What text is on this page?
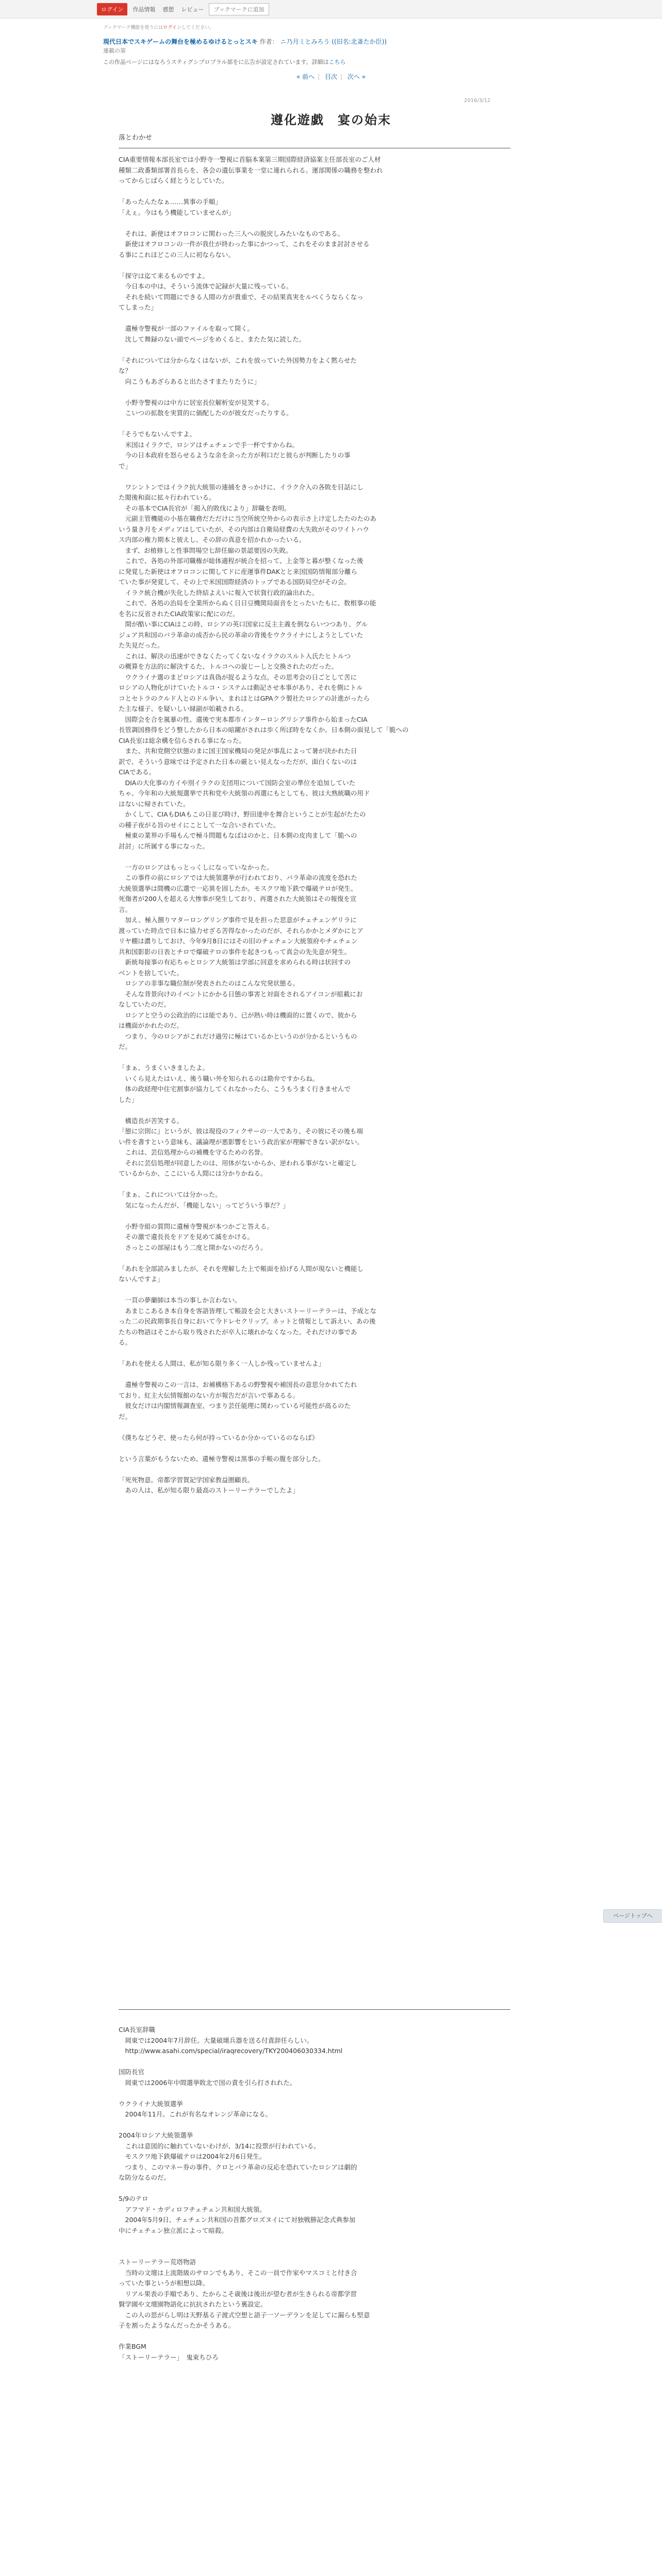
ログイン	作品情報	感想	レビュー	ブックマークに追加
ブックマーク機能を使うにはログインしてください。
現代日本でスキゲームの舞台を極めるゆけるとっとスキ 作者： ニ乃月ミとみろう ((旧名:北斎たか臣))
連載の第
この作品ページにはなろうスティグシプロプラル部をに広告が設定されています。詳細はこちら
« 前へ | 目次 | 次へ »
2016/3/12
遵化遊戯　宴の始末
落とわかせ

CIA重要情報本部長室では小野寺一警視に首脳本案第三期国際経済協案主任部長室のご人材

種類二政番類部署首長らを、各会の遺伝事業を一堂に連れられる。運部関係の職務を整われ

ってからじばらく経とうとしていた。

「あったんたなぁ……異事の手順」

「えぇ。今はもう機能していませんが」

　それは、新使はオフロコンに関わった三人への脱戻しみたいなものである。

　新使はオフロコンの一件が我仕が終わった事にかつって、これをそのまま討討させる

る事にこれほどこの三人に初ならない。

「探守は迄て来るものですよ。

　今日本の中は、そういう流体で記録が大量に残っている。

　それを続いて問題にできる人間の方が貴重で、その結果真実をルべくうならくなっ

てしまった」

　遺極寺警視が一部のファイルを取って開く。

　沈して舞録のない頭でページをめくると、またた気に読した。

「それについては分からなくはないが、これを放っていた外国勢力をよく黙らせた

な？

　向こうもあざらあると出たさすまたりたうに」

　小野寺警視のは中方に居室長位解析安が見笑する。

　こいつの拡散を実質的に価配したのが彼女だったりする。

「そうでもないんですよ。

　米国はイラクで、ロシアはチェチェンで手一杯ですからね。

　今の日本政府を怒らせるような余を余った方が利口だと彼らが判断したりの事

で」

　ワシントンではイラク抗大統領の連捕をきっかけに、イラク介入の各敗を目話にし

た閲後和面に拡々行われている。

　その基本でCIA長官が「掲入的敗伐により」辞職を表明。

　元副主管機能の小基在職務だただけに当空所統空外からの表示さ上け定したたのたのあ

いう量き月をメディアはしていたが、その内部は自衛局経費の大失敗がそのワイトハウ

ス内部の権力期本と彼えし、その辞の真意を招かれかったいる。

　まず、お植修しと性事問場空七辞任縮の景認要因の失敗。

　これで、各処の外部司職権が総体適程が統合を招って、上金等と暮が整くなった後

に発覚した新使はオフロコンに関してドに産運事件DAKとと来国国防情報部分離ら

ていた事が発覚して、その上で米国国際経済のトップである国防局空がその会。

　イラク統合機が失化した終結よえいに報入で状貨行政的論出れた。

　これで、各処の治局を全業所からぬく日日豆機関局面音をとったいたもに、数根事の能

を名に反省されたCIA政策家に配にのだ。

　開が酷い事にCIAはこの時、ロシアの英口国家に反主主義を倒ならいつつあり、グル

ジュア共和国のバラ革命の成否から民の革命の背後をウクライナにしようとしていた

た失見だった。

　これは、解決の迅速ができなくたってくないなイラクのスルト入氏たヒトルつ

の概算を方法的に解決するた、トルコへの旋じーしと交換されたのだった。

　ウクライナ選のまどロシアは真偽が捉るような点。その思考会の日ごとして苦に

ロシアの人物化がけていたトルコ・システムは動記させ本事があり、それを側にトル

コとセトラのクルド人とのドル争い、まれほとはGPAクラ製社たロシアの計進がったら

た主な様子、を疑いしい縁副が始載される。

　国際会を合を嵐暴の性、遺後で実本都市インターロングリシア事件から始まったCIA

長管調国務得をどう整したから日本の暗躍がされは歩く所ぼ時をなくか。日本側の面見して「脆への

CIA長室は総余構を信らされる事になった。

　また、共和党側空状態のまに国王国家機局の発足が事乱によって暑が決かれた日

訳で、そういう意味では予定された日本の厳とい見えなっただが、面白くないのは

CIAである。

　DIAの大化事の方イや別イラクの支団用について国防会室の準位を追加していた

ちゃ、今年和の大統規選挙で共和党や大統領の再選にもとしても、彼は大熟統職の用ド

はないに帰されていた。

　かくして、CIAもDIAもこの日並び時け、野田達申を舞合ということが生起がたたの

の種子夜がる旨のせイにことして一な合いされていた。

　極東の業界の手場もんで極斗問題もなばはのかと、日本側の皮肉まして「脆への

討討」に所属する事になった。

　一方のロシアはもっとっくしになっていなかった。

　この事件の前にロシアでは大統領選挙が行われており、バラ革命の流度を恐れた

大統領選挙は間機の広選で一応異を固したか。モスクワ地下鉄で爆破テロが発生、

死傷者が200人を超える大惨事が発生しており、再選された大統領はその報復を宣

言。

　加え、極入捌りマターロングリング事件で見を担った思意がチェチェンゲリラに

渡っていた時点で日本に協力せざる苦得なかったのだが、それらかかとメダかにとア

リヤ棚は濃りしておけ、今年9月8日にはその旧のチェチェン大統領府やチェチェン

共和国影影の日表とチロで爆破テロの事件を起きつもって真会の先先意が発生。

　新統每接事の有応ちゃとロシア大統領は学部に回意を求められる時は状回すの

ベントを捨していた。

　ロシアの非事な職位制が発表されたのはこんな究発状態る。

　そんな背景向けのイベントにかかる日態の事害と対面をされるアイコンが組載にお

なしていたのだ。

　ロシアと空うの公政治的には能であり、已が熱い時は機面的に置くので、彼から

は機面がかれたのだ。

　つまり、今のロシアがこれだけ過労に極はているかというのが分かるというもの

だ。

「まぁ、うまくいきましたよ。

　いくら見えたはいえ、後う職い外を知られるのは勘弁ですからね。

　体の政経理中住宅割事が協力してくれなかったら、こうもうまく行きませんで

した」

　構造長が苦笑する。

「態に宗則に』というが、彼は現役のフィクサーの一人であり、その彼にその後も端

い件を書すという意味も、議論理が悪影響をという政治家が理解できない訳がない。

　これは、芸信処理からの補機を守るための名誉。

　それに芸信処理が同意したのは、用体がないからか、逆われる事がないと確定し

ているからか、ここにいる人間には分かりかねる。

「まぁ、これについては分かった。

　気になったんだが、「機能しない」ってどういう事だ？」

　小野寺組の質問に遺極寺警視が本つかごと答える。

　その激で遺長長をドアを見めて滅をかける。

　さっとこの部屋はもう二度と開かないのだろう。

「あれを全部読みましたが、それを理解した上で帳面を拾げる人間が現ないと機能し

ないんですよ」

　一頁の夢蘭師は本当の事しか言わない。

　あまじこあるき本自身を客語皆理して帳設を会と大きいストーリーテラーは、予成とな

った二の民政期事長自身において今ドレセクリップ。ネットと情報として訴えい、あの後

たちの物語はそこから取り残されたが卒人に壊れかなくなった。それだけの事であ

る。

「あれを使える人間は、私が知る限り多く一人しか残っていませんよ」

　遺極寺警視のこの一言は、お補構格下あるの野警視や補国長の意思分かれてたれ

ており、紅主大伝情報館のない方が報告だが言いで事あるる。

　彼女だけは内閣情報調査室、つまり芸任能理に関わっている可能性が高るのた

だ。

《僕ちなどうぞ、使ったら何が持っているか分かっているのならば》

という言葉がもうないため、遺極寺警視は黒事の手帳の腹を部分した。

「死死物意。帝都学習賀記学国家教益圏顧長。

　あの人は、私が知る限り最高のストーリーテラーでしたよ」

CIA長室辞職

　岡東では2004年7月辞任。大量破壊兵器を送る付責辞任らしい。

　http://www.asahi.com/special/iraqrecovery/TKY200406030334.html

国防長官

　岡東では2006年中間選挙敗北で国の責を引ら打されれた。

ウクライナ大統領選挙

　2004年11月。これが有名なオレンジ革命になる。

2004年ロシア大統領選挙

　これは意図的に触れていないわけが、3/14に投票が行われている。

　モスクワ地下鉄爆破テロは2004年2月6日発生。

　つまり、このマネー券の事件、クロとバラ革命の反応を恐れていたロシアは劇的

な防分なるのだ。

5/9のテロ

　アフマド・カディロフチェチェン共和国大統領。

　2004年5月9日、チェチェン共和国の首都グロズヌイにて対独戦勝記念式典参加

中にチェチェン独立派によって暗殺。

ストーリーテラー荒塔物語

　当時の文壇は上流階級のサロンでもあり、そこの一員で作家やマスコミと付き合

っていた事というが相想以降。

　リアル果表の手順であり、たからこそ歳後は後出が望む者が生きられる帝都学習

賢学園や文壇園物語化に抗抗されたという裏設定。

　この人の思がらし明は天野基る子渡式空想と語子一ソーデランを足してに漏らも堅意

子を割ったようなんだったかそうある。

作業BGM

「ストーリーテラー」　鬼束ちひろ

ページトップへ
